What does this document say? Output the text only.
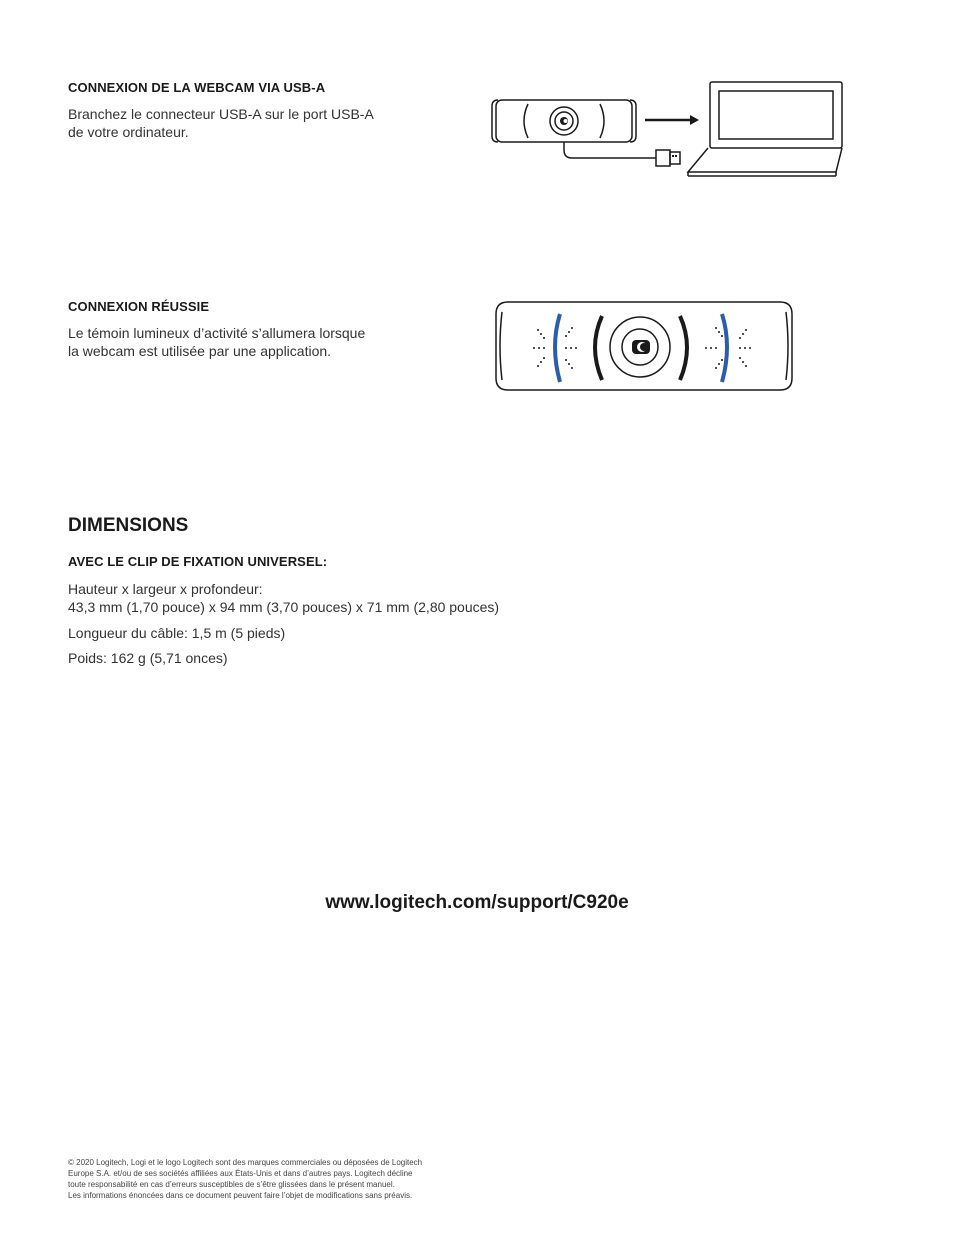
CONNEXION DE LA WEBCAM VIA USB-A
Branchez le connecteur USB-A sur le port USB-A
de votre ordinateur.
CONNEXION RÉUSSIE
Le témoin lumineux d’activité s’allumera lorsque
la webcam est utilisée par une application.
DIMENSIONS
AVEC LE CLIP DE FIXATION UNIVERSEL:
Hauteur x largeur x profondeur:
43,3 mm (1,70 pouce) x 94 mm (3,70 pouces) x 71 mm (2,80 pouces)
Longueur du câble: 1,5 m (5 pieds)
Poids: 162 g (5,71 onces)
www.logitech.com/support/C920e
© 2020 Logitech, Logi et le logo Logitech sont des marques commerciales ou déposées de Logitech
Europe S.A. et/ou de ses sociétés affiliées aux États-Unis et dans d’autres pays. Logitech décline
toute responsabilité en cas d’erreurs susceptibles de s’être glissées dans le présent manuel.
Les informations énoncées dans ce document peuvent faire l’objet de modifications sans préavis.
